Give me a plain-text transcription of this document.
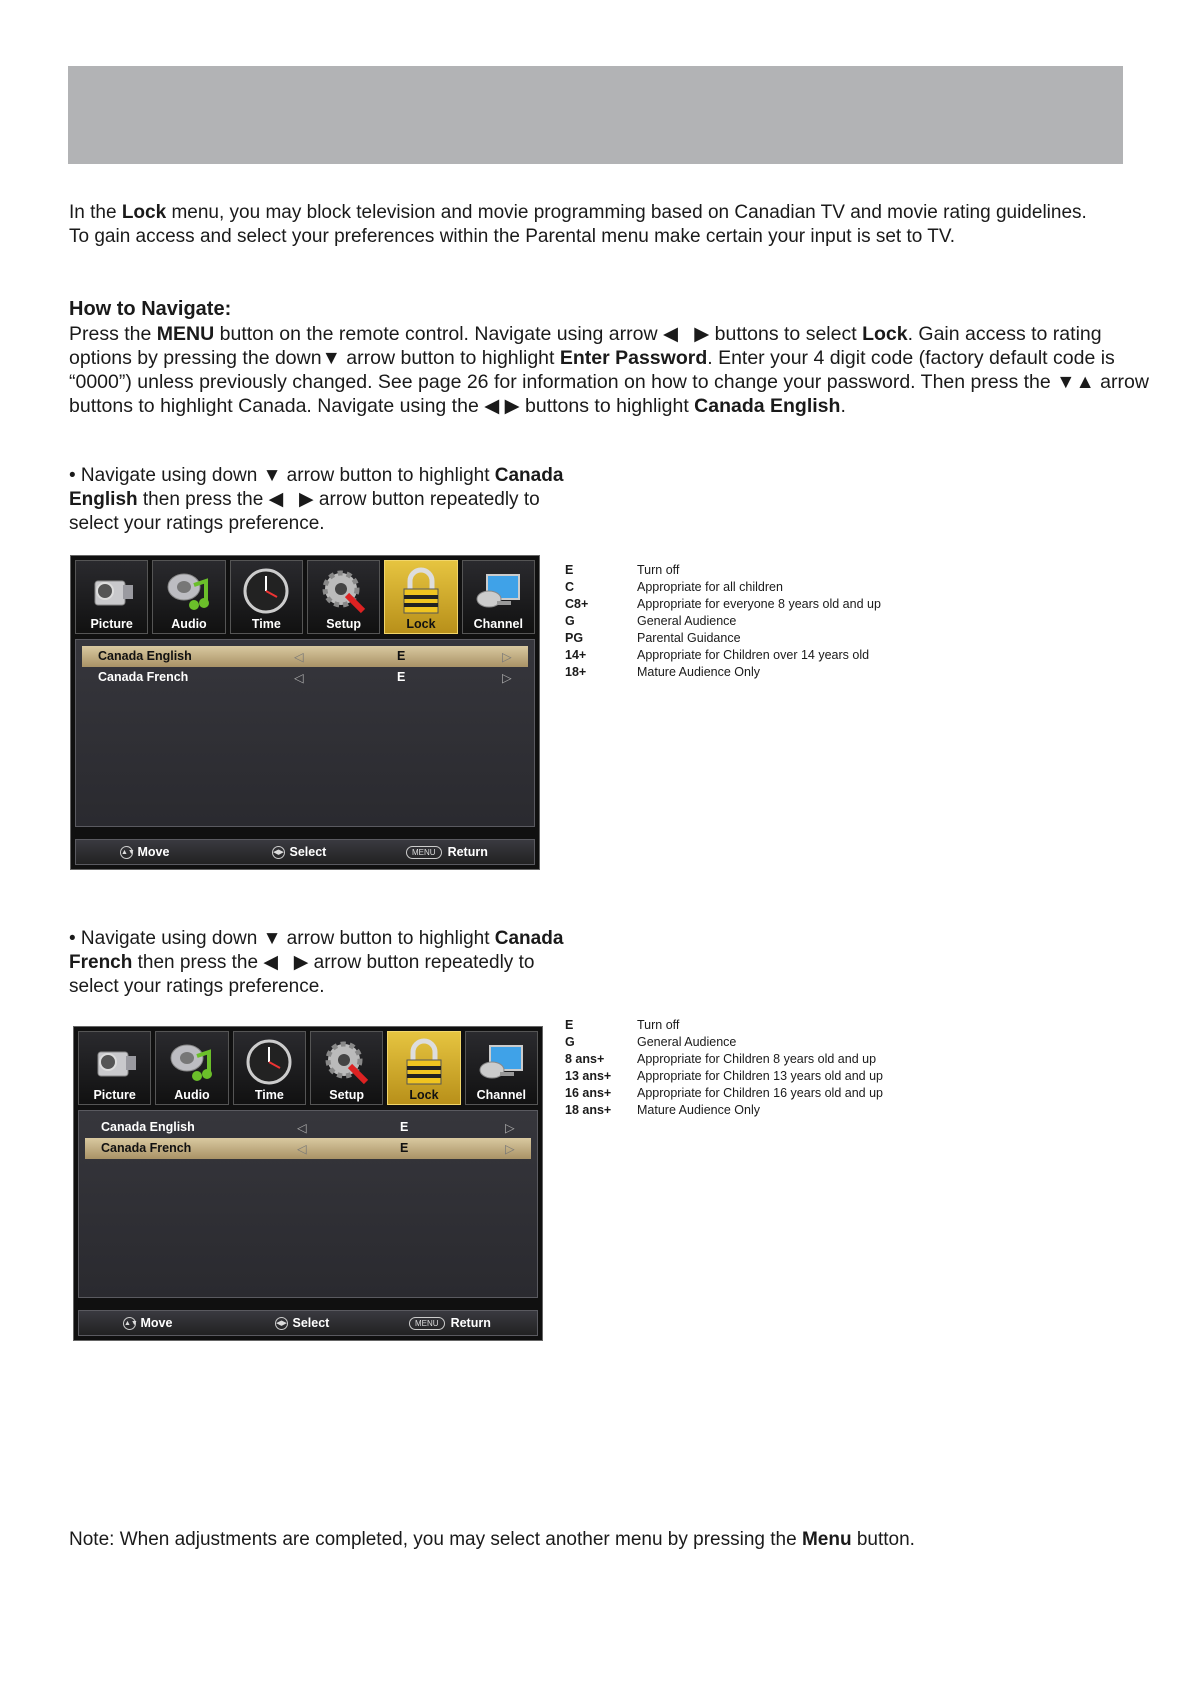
In the Lock menu, you may block television and movie programming based on Canadian TV and movie rating guidelines.
To gain access and select your preferences within the Parental menu make certain your input is set to TV.

How to Navigate:

Press the MENU button on the remote control. Navigate using arrow ◀   ▶ buttons to select Lock. Gain access to rating options by pressing the down▼ arrow button to highlight Enter Password. Enter your 4 digit code (factory default code is “0000”) unless previously changed. See page 26 for information on how to change your password. Then press the ▼▲ arrow buttons to highlight Canada. Navigate using the ◀ ▶ buttons to highlight Canada English.

• Navigate using down ▼ arrow button to highlight Canada English then press the ◀   ▶ arrow button repeatedly to select your ratings preference.

Picture	Audio	Time	Setup	Lock	Channel
Canada English	◁	E	▷
Canada French	◁	E	▷
▲▼ Move	◀▶ Select	MENU Return
E	Turn off
C	Appropriate for all children
C8+	Appropriate for everyone 8 years old and up
G	General Audience
PG	Parental Guidance
14+	Appropriate for Children over 14 years old
18+	Mature Audience Only

• Navigate using down ▼ arrow button to highlight Canada French then press the ◀   ▶ arrow button repeatedly to select your ratings preference.

Picture	Audio	Time	Setup	Lock	Channel
Canada English	◁	E	▷
Canada French	◁	E	▷
▲▼ Move	◀▶ Select	MENU Return
E	Turn off
G	General Audience
8 ans+	Appropriate for Children 8 years old and up
13 ans+	Appropriate for Children 13 years old and up
16 ans+	Appropriate for Children 16 years old and up
18 ans+	Mature Audience Only

Note: When adjustments are completed, you may select another menu by pressing the Menu button.
